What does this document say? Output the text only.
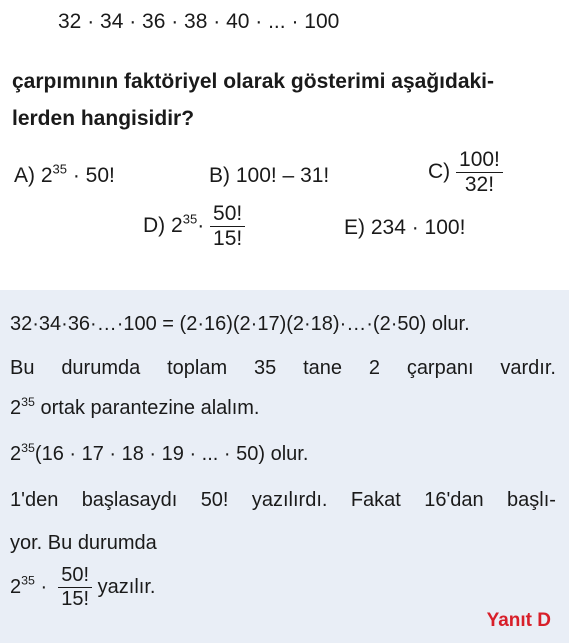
32 · 34 · 36 · 38 · 40 · ... · 100
çarpımının faktöriyel olarak gösterimi aşağıdaki-
lerden hangisidir?
A) $2^{35} \cdot 50$!	B) 100! – 31!	$C) \frac{100!}{32!}$
D) $2^{35}\cdot \frac{50!}{15!}$	E) 234 · 100!
32·34·36·…·100 = (2·16)(2·17)(2·18)·…·(2·50) olur.
Bu durumda toplam 35 tane 2 çarpanı vardır.
$2^{35}$ ortak parantezine alalım.
$2^{35}(16 \cdot 17 \cdot 18 \cdot 19$ · ... · 50) olur.
1'den başlasaydı 50! yazılırdı. Fakat 16'dan başlı-
yor. Bu durumda
$2^{35} \cdot \frac{50!}{15!}$ yazılır.
Yanıt D
